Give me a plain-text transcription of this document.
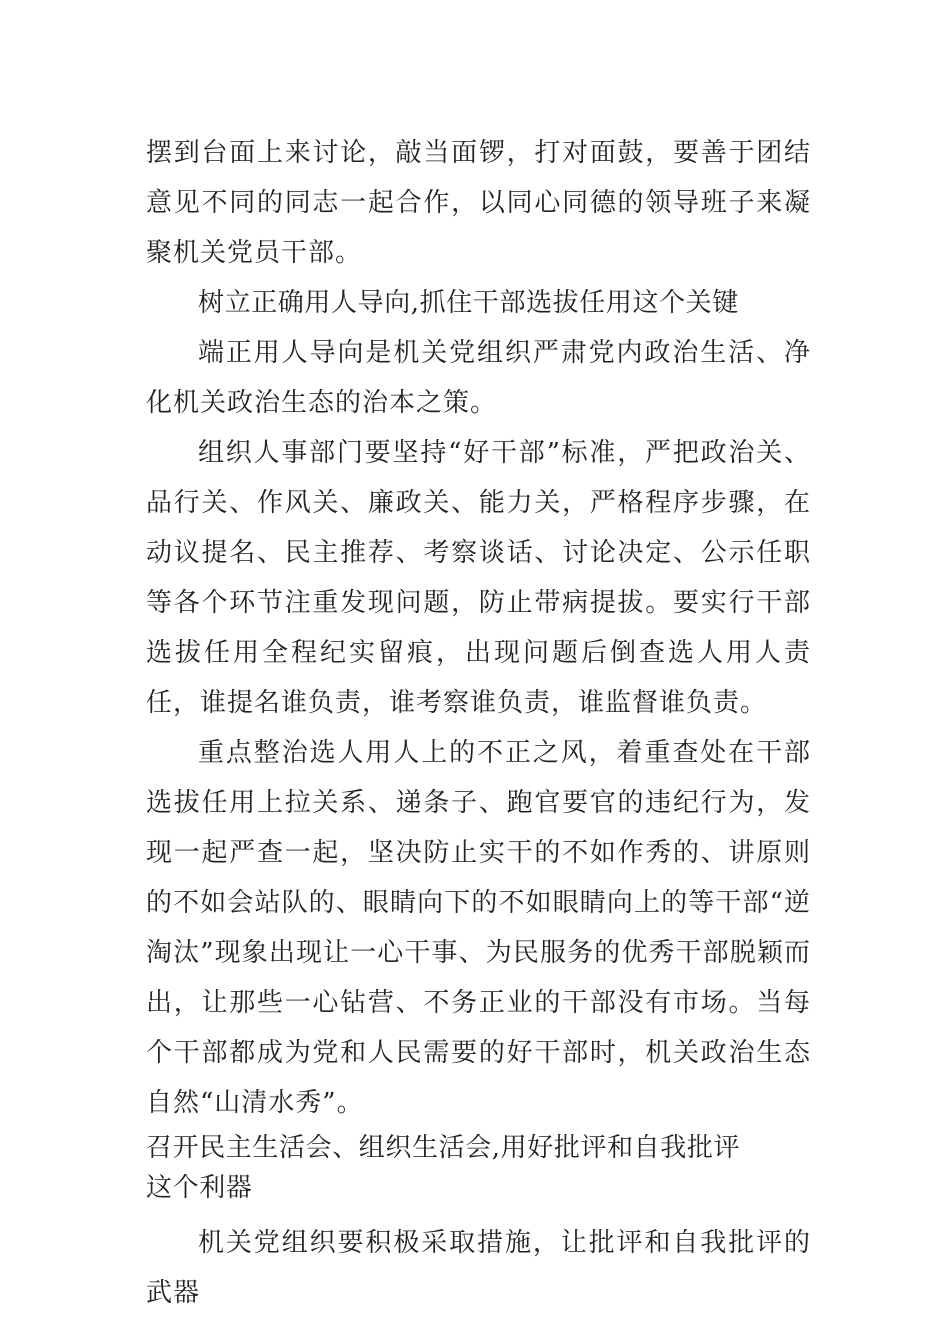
摆到台面上来讨论，敲当面锣，打对面鼓，要善于团结意见不同的同志一起合作，以同心同德的领导班子来凝聚机关党员干部。

树立正确用人导向,抓住干部选拔任用这个关键

端正用人导向是机关党组织严肃党内政治生活、净化机关政治生态的治本之策。

组织人事部门要坚持“好干部”标准，严把政治关、品行关、作风关、廉政关、能力关，严格程序步骤，在动议提名、民主推荐、考察谈话、讨论决定、公示任职等各个环节注重发现问题，防止带病提拔。要实行干部选拔任用全程纪实留痕，出现问题后倒查选人用人责任，谁提名谁负责，谁考察谁负责，谁监督谁负责。

重点整治选人用人上的不正之风，着重查处在干部选拔任用上拉关系、递条子、跑官要官的违纪行为，发现一起严查一起，坚决防止实干的不如作秀的、讲原则的不如会站队的、眼睛向下的不如眼睛向上的等干部“逆淘汰”现象出现让一心干事、为民服务的优秀干部脱颖而出，让那些一心钻营、不务正业的干部没有市场。当每个干部都成为党和人民需要的好干部时，机关政治生态自然“山清水秀”。

召开民主生活会、组织生活会,用好批评和自我批评这个利器

机关党组织要积极采取措施，让批评和自我批评的武器
